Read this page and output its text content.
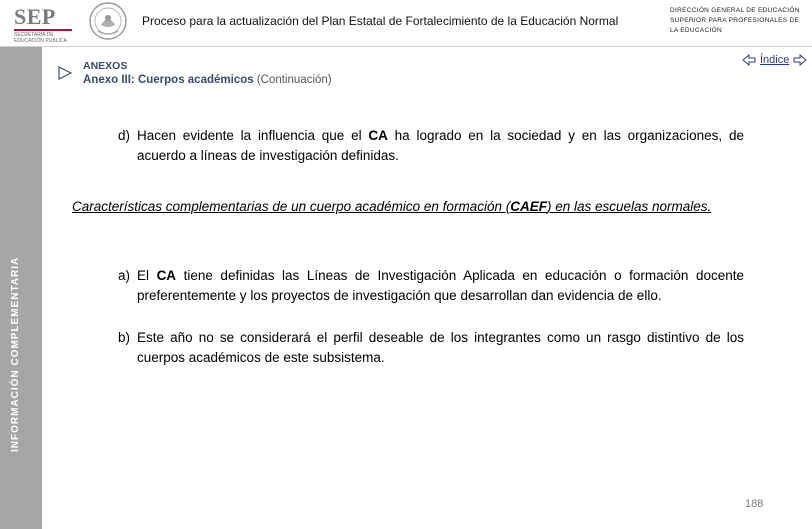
SEP
SECRETARÍA DE EDUCACIÓN PÚBLICA
Proceso para la actualización del Plan Estatal de Fortalecimiento de la Educación Normal
DIRECCIÓN GENERAL DE EDUCACIÓN
SUPERIOR PARA PROFESIONALES DE
LA EDUCACIÓN
INFORMACIÓN COMPLEMENTARIA
ANEXOS
Anexo III: Cuerpos académicos (Continuación)
Índice
d) Hacen evidente la influencia que el CA ha logrado en la sociedad y en las organizaciones, de acuerdo a líneas de investigación definidas.
Características complementarias de un cuerpo académico en formación (CAEF) en las escuelas normales.
a) El CA tiene definidas las Líneas de Investigación Aplicada en educación o formación docente preferentemente y los proyectos de investigación que desarrollan dan evidencia de ello.
b) Este año no se considerará el perfil deseable de los integrantes como un rasgo distintivo de los cuerpos académicos de este subsistema.
188
